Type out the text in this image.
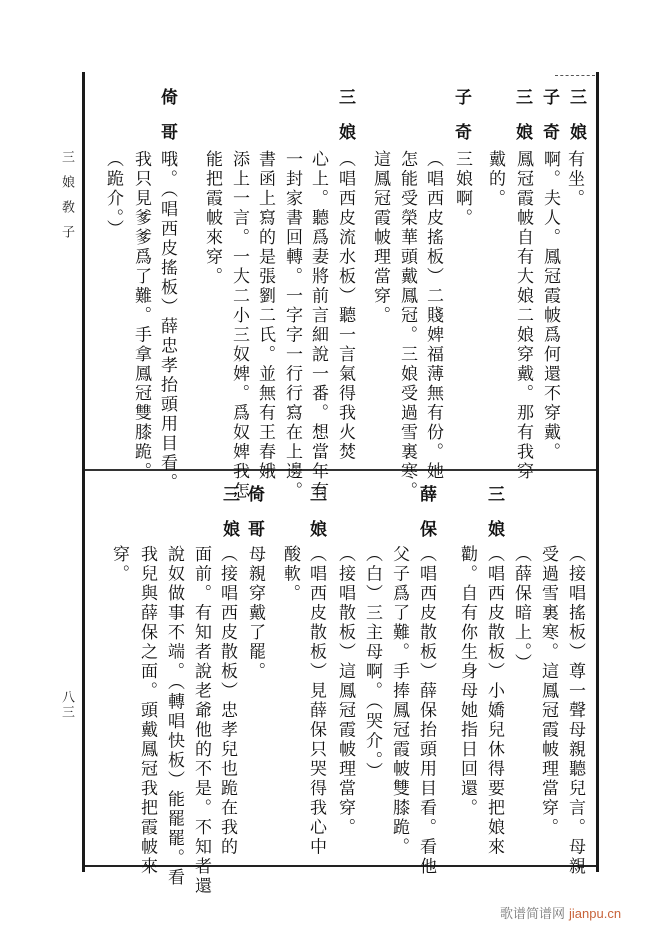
三娘敎子
八三
三娘
子奇
三娘
子奇
三娘
倚哥
有坐。
啊。夫人。鳳冠霞帔爲何還不穿戴。
鳳冠霞帔自有大娘二娘穿戴。那有我穿
戴的。
三娘啊。
（唱西皮搖板）二賤婢福薄無有份。她
怎能受榮華頭戴鳳冠。三娘受過雪裏寒。
這鳳冠霞帔理當穿。
（唱西皮流水板）聽一言氣得我火焚
心上。聽爲妻將前言細說一番。想當年有
一封家書回轉。一字字一行行寫在上邊。
書函上寫的是張劉二氏。並無有王春娥
添上一言。一大二小三奴婢。爲奴婢我怎
能把霞帔來穿。
哦。（唱西皮搖板）薛忠孝抬頭用目看。
我只見爹爹爲了難。手拿鳳冠雙膝跪。
（跪介。）
三娘
薛保
三娘
倚哥
三娘
（接唱搖板）尊一聲母親聽兒言。母親
受過雪裏寒。這鳳冠霞帔理當穿。
（薛保暗上。）
（唱西皮散板）小嬌兒休得要把娘來
勸。自有你生身母她指日回還。
（唱西皮散板）薛保抬頭用目看。看他
父子爲了難。手捧鳳冠霞帔雙膝跪。
（白）三主母啊。（哭介。）
（接唱散板）這鳳冠霞帔理當穿。
（唱西皮散板）見薛保只哭得我心中
酸軟。
母親穿戴了罷。
（接唱西皮散板）忠孝兒也跪在我的
面前。有知者說老爺他的不是。不知者還
說奴做事不端。（轉唱快板）能罷罷。看
我兒與薛保之面。頭戴鳳冠我把霞帔來
穿。
歌谱简谱网 jianpu.cn
